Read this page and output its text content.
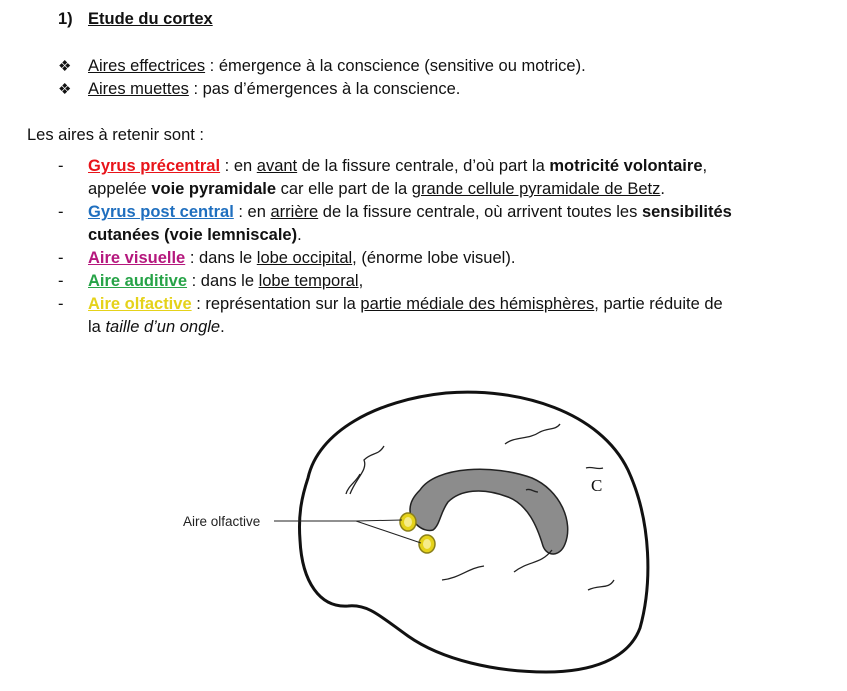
1) Etude du cortex
❖ Aires effectrices : émergence à la conscience (sensitive ou motrice).
❖ Aires muettes : pas d’émergences à la conscience.
Les aires à retenir sont :
- Gyrus précentral : en avant de la fissure centrale, d’où part la motricité volontaire,
appelée voie pyramidale car elle part de la grande cellule pyramidale de Betz.
- Gyrus post central : en arrière de la fissure centrale, où arrivent toutes les sensibilités
cutanées (voie lemniscale).
- Aire visuelle : dans le lobe occipital, (énorme lobe visuel).
- Aire auditive : dans le lobe temporal,
- Aire olfactive : représentation sur la partie médiale des hémisphères, partie réduite de
la taille d’un ongle.
Aire olfactive
C
